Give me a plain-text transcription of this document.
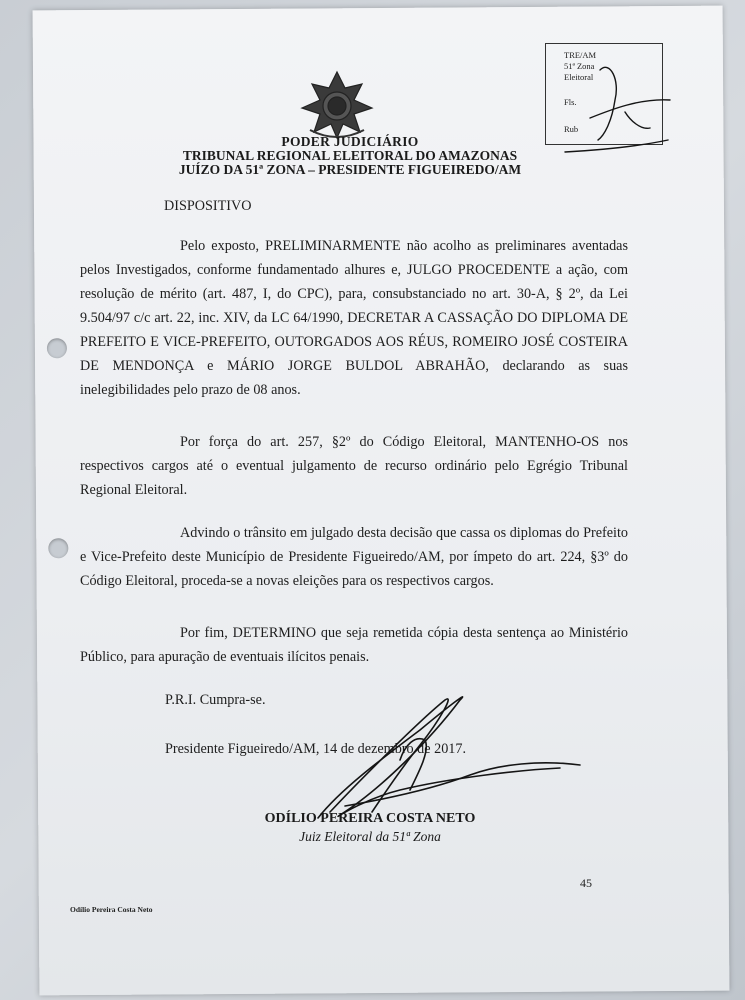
PODER JUDICIÁRIO
TRIBUNAL REGIONAL ELEITORAL DO AMAZONAS
JUÍZO DA 51ª ZONA – PRESIDENTE FIGUEIREDO/AM
TRE/AM
51ª Zona
Eleitoral
Fls.
Rub
DISPOSITIVO
Pelo exposto, PRELIMINARMENTE não acolho as preliminares aventadas pelos Investigados, conforme fundamentado alhures e, JULGO PROCEDENTE a ação, com resolução de mérito (art. 487, I, do CPC), para, consubstanciado no art. 30-A, § 2º, da Lei 9.504/97 c/c art. 22, inc. XIV, da LC 64/1990, DECRETAR A CASSAÇÃO DO DIPLOMA DE PREFEITO E VICE-PREFEITO, OUTORGADOS AOS RÉUS, ROMEIRO JOSÉ COSTEIRA DE MENDONÇA e MÁRIO JORGE BULDOL ABRAHÃO, declarando as suas inelegibilidades pelo prazo de 08 anos.
Por força do art. 257, §2º do Código Eleitoral, MANTENHO-OS nos respectivos cargos até o eventual julgamento de recurso ordinário pelo Egrégio Tribunal Regional Eleitoral.
Advindo o trânsito em julgado desta decisão que cassa os diplomas do Prefeito e Vice-Prefeito deste Município de Presidente Figueiredo/AM, por ímpeto do art. 224, §3º do Código Eleitoral, proceda-se a novas eleições para os respectivos cargos.
Por fim, DETERMINO que seja remetida cópia desta sentença ao Ministério Público, para apuração de eventuais ilícitos penais.
P.R.I. Cumpra-se.
Presidente Figueiredo/AM, 14 de dezembro de 2017.
ODÍLIO PEREIRA COSTA NETO
Juiz Eleitoral da 51ª Zona
45
Odílio Pereira Costa Neto
